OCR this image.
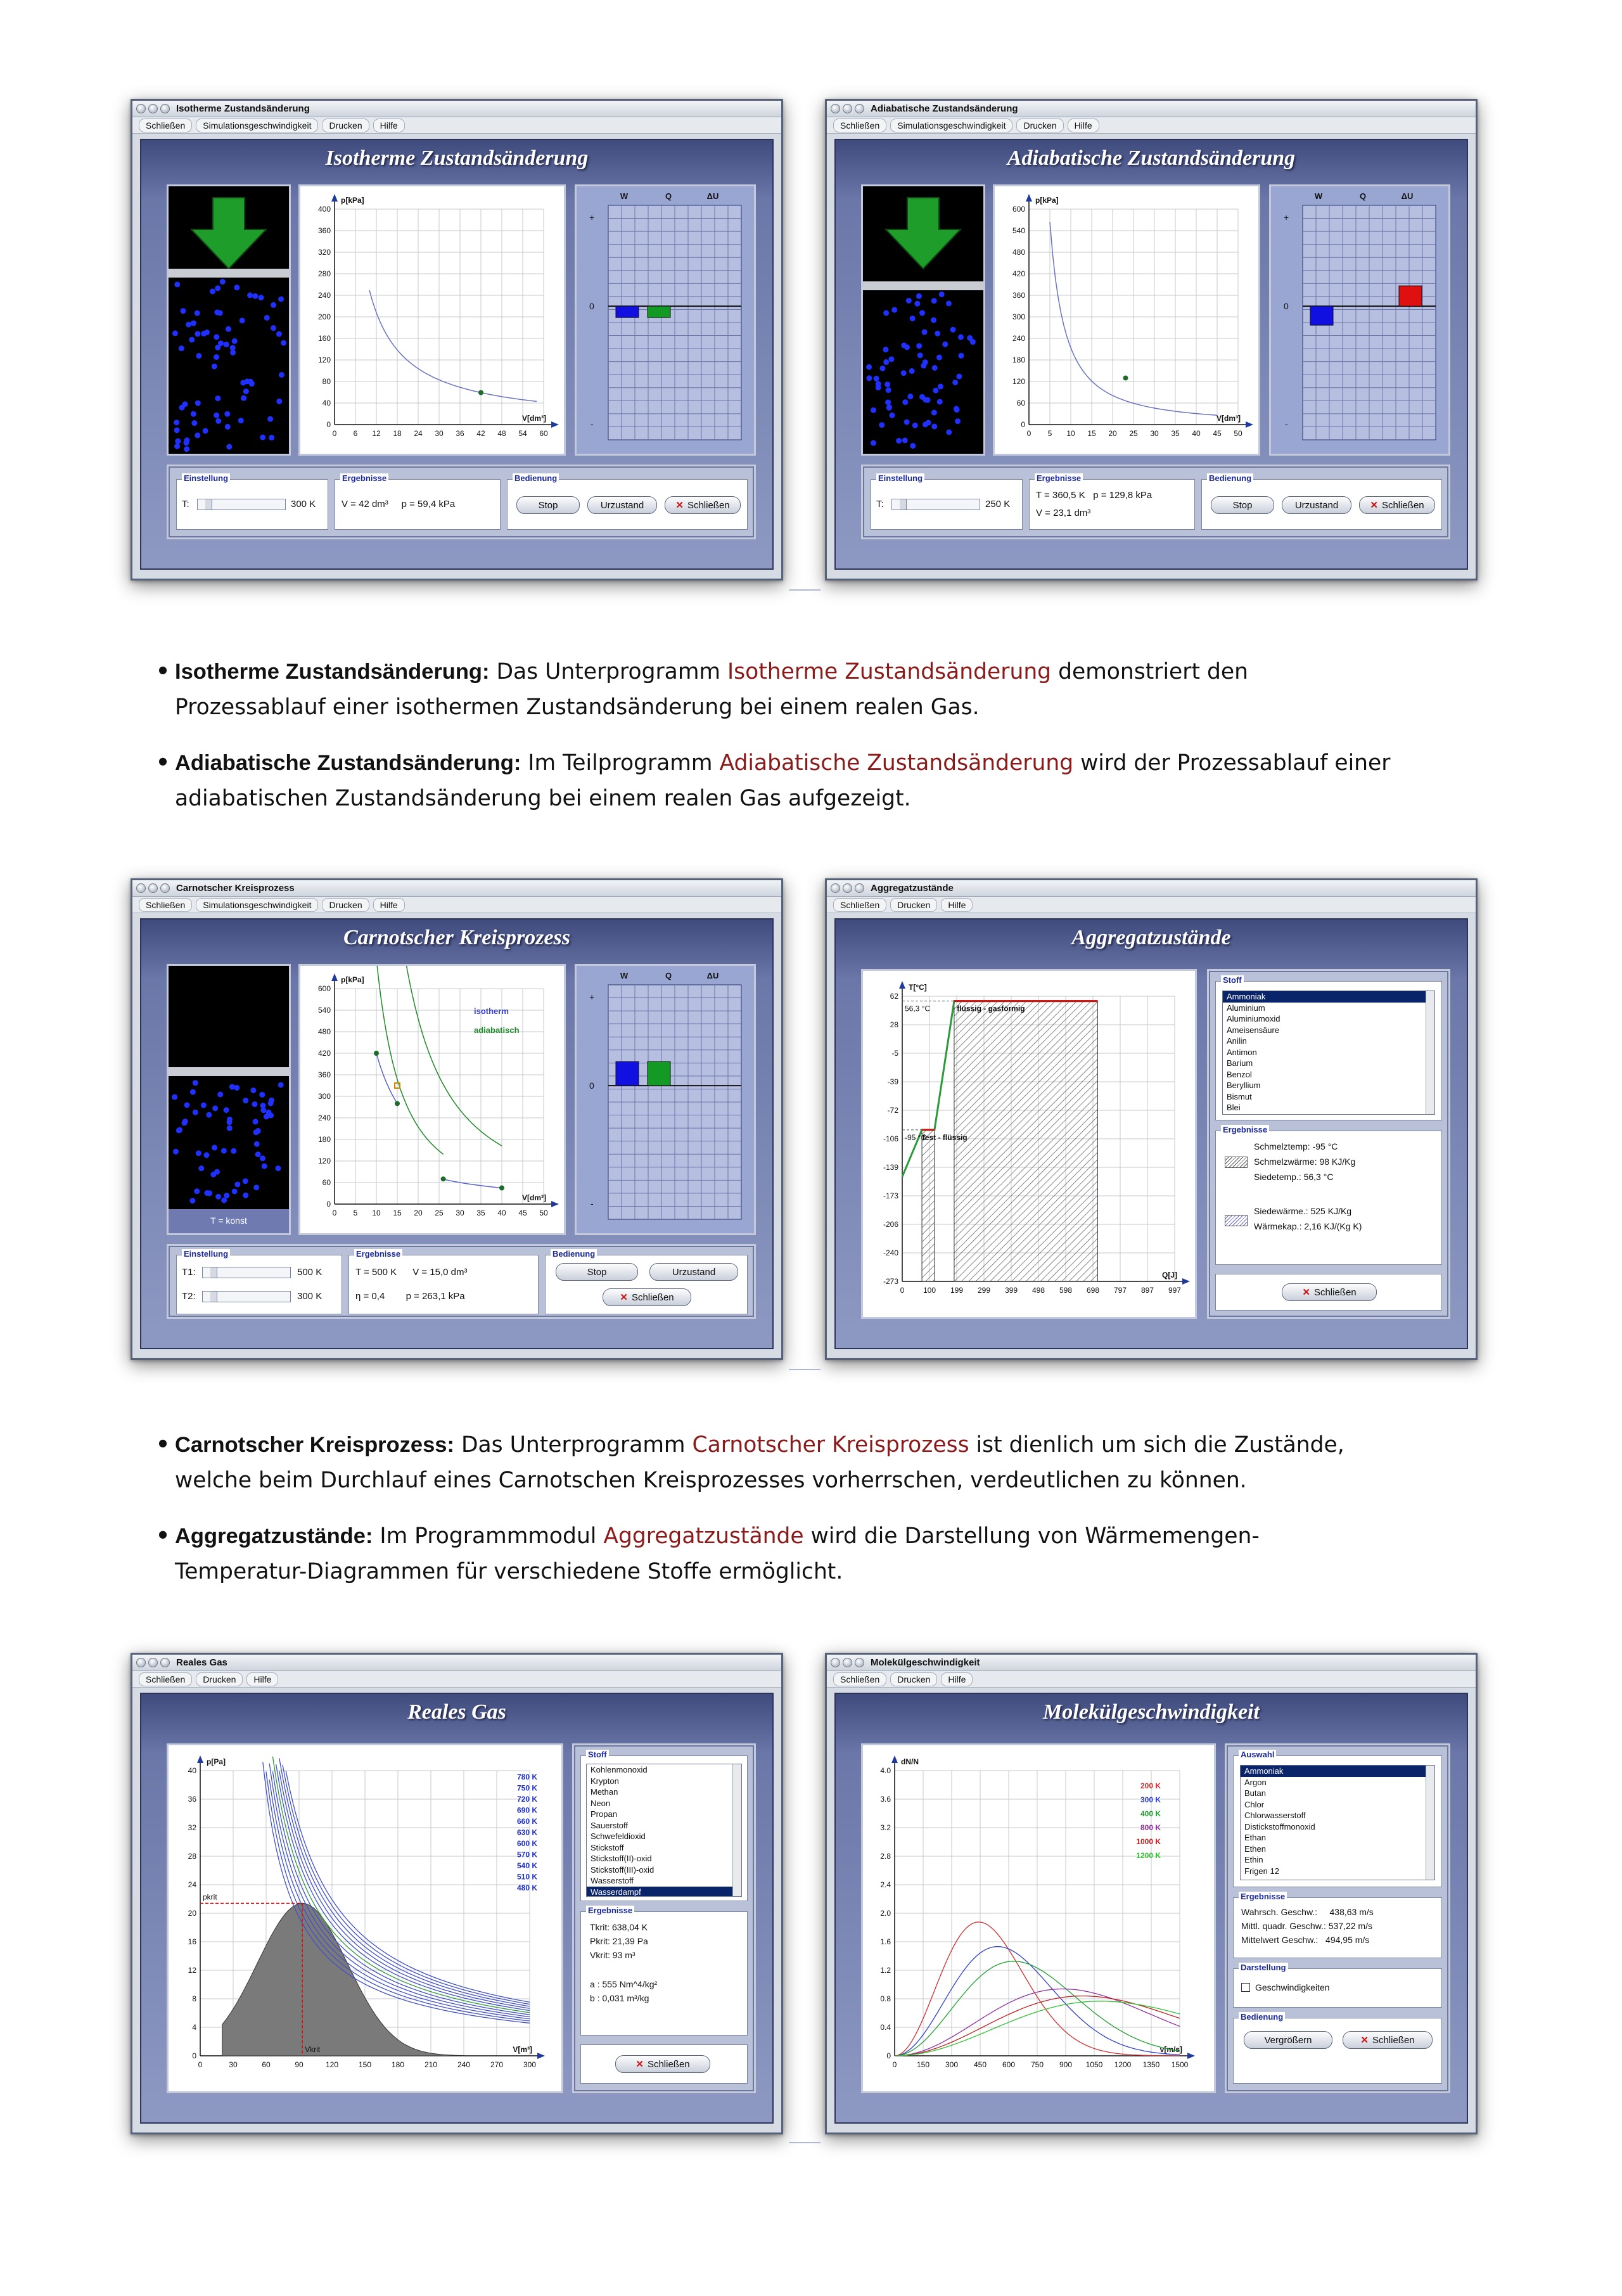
Isotherme Zustandsänderung
Schließen	Simulationsgeschwindigkeit	Drucken	Hilfe
Isotherme Zustandsänderung
400
360
320
280
240
200
160
120
80
40
0
0 6 12 18 24 30 36 42 48 54 60
p[kPa]
V[dm³]
W	Q	ΔU
+
0
-
Einstellung
T:	300 K
Ergebnisse
V = 42 dm³     p = 59,4 kPa
Bedienung
Stop	Urzustand	✕ Schließen
Adiabatische Zustandsänderung
Schließen	Simulationsgeschwindigkeit	Drucken	Hilfe
Adiabatische Zustandsänderung
600
540
480
420
360
300
240
180
120
60
0
0 5 10 15 20 25 30 35 40 45 50
p[kPa]
V[dm³]
W	Q	ΔU
+
0
-
Einstellung
T:	250 K
Ergebnisse
T = 360,5 K   p = 129,8 kPa
V = 23,1 dm³
Bedienung
Stop	Urzustand	✕ Schließen
• Isotherme Zustandsänderung: Das Unterprogramm Isotherme Zustandsänderung demonstriert den
Prozessablauf einer isothermen Zustandsänderung bei einem realen Gas.
• Adiabatische Zustandsänderung: Im Teilprogramm Adiabatische Zustandsänderung wird der Prozessablauf einer
adiabatischen Zustandsänderung bei einem realen Gas aufgezeigt.
Carnotscher Kreisprozess
Schließen	Simulationsgeschwindigkeit	Drucken	Hilfe
Carnotscher Kreisprozess
T = konst
600
540
480
420
360
300
240
180
120
60
0
0 5 10 15 20 25 30 35 40 45 50
p[kPa]
V[dm³]
isotherm
adiabatisch
W	Q	ΔU
+
0
-
Einstellung
T1:	500 K
T2:	300 K
Ergebnisse
T = 500 K      V = 15,0 dm³
η = 0,4        p = 263,1 kPa
Bedienung
Stop	Urzustand
✕ Schließen
Aggregatzustände
Schließen	Drucken	Hilfe
Aggregatzustände
62
28
-5
-39
-72
-106
-139
-173
-206
-240
-273
0 100 199 299 399 498 598 698 797 897 997
T[°C]
Q[J]
56,3 °C
-95 °C
flüssig - gasförmig
fest - flüssig
Stoff
Ammoniak
Aluminium
Aluminiumoxid
Ameisensäure
Anilin
Antimon
Barium
Benzol
Beryllium
Bismut
Blei
Ergebnisse
Schmelztemp: -95 °C
Schmelzwärme: 98 KJ/Kg
Siedetemp.: 56,3 °C
Siedewärme.: 525 KJ/Kg
Wärmekap.: 2,16 KJ/(Kg K)
✕ Schließen
• Carnotscher Kreisprozess: Das Unterprogramm Carnotscher Kreisprozess ist dienlich um sich die Zustände,
welche beim Durchlauf eines Carnotschen Kreisprozesses vorherrschen, verdeutlichen zu können.
• Aggregatzustände: Im Programmmodul Aggregatzustände wird die Darstellung von Wärmemengen-
Temperatur-Diagrammen für verschiedene Stoffe ermöglicht.
Reales Gas
Schließen	Drucken	Hilfe
Reales Gas
40
36
32
28
24
20
16
12
8
4
0
0	30	60	90	120	150	180	210	240	270	300
p[Pa]
V[m³]
780 K
750 K
720 K
690 K
660 K
630 K
600 K
570 K
540 K
510 K
480 K
pkrit
Vkrit
Stoff
Kohlenmonoxid
Krypton
Methan
Neon
Propan
Sauerstoff
Schwefeldioxid
Stickstoff
Stickstoff(II)-oxid
Stickstoff(III)-oxid
Wasserstoff
Wasserdampf
Ergebnisse
Tkrit: 638,04 K
Pkrit: 21,39 Pa
Vkrit: 93 m³
a : 555 Nm^4/kg²
b : 0,031 m³/kg
✕ Schließen
Molekülgeschwindigkeit
Schließen	Drucken	Hilfe
Molekülgeschwindigkeit
4.0
3.6
3.2
2.8
2.4
2.0
1.6
1.2
0.8
0.4
0
0	150 300 450 600 750 900 1050 1200 1350 1500
dN/N
v[m/s]
200 K
300 K
400 K
800 K
1000 K
1200 K
Auswahl
Ammoniak
Argon
Butan
Chlor
Chlorwasserstoff
Distickstoffmonoxid
Ethan
Ethen
Ethin
Frigen 12
Ergebnisse
Wahrsch. Geschw.:     438,63 m/s
Mittl. quadr. Geschw.: 537,22 m/s
Mittelwert Geschw.:   494,95 m/s
Darstellung
Geschwindigkeiten
Bedienung
Vergrößern	✕ Schließen
